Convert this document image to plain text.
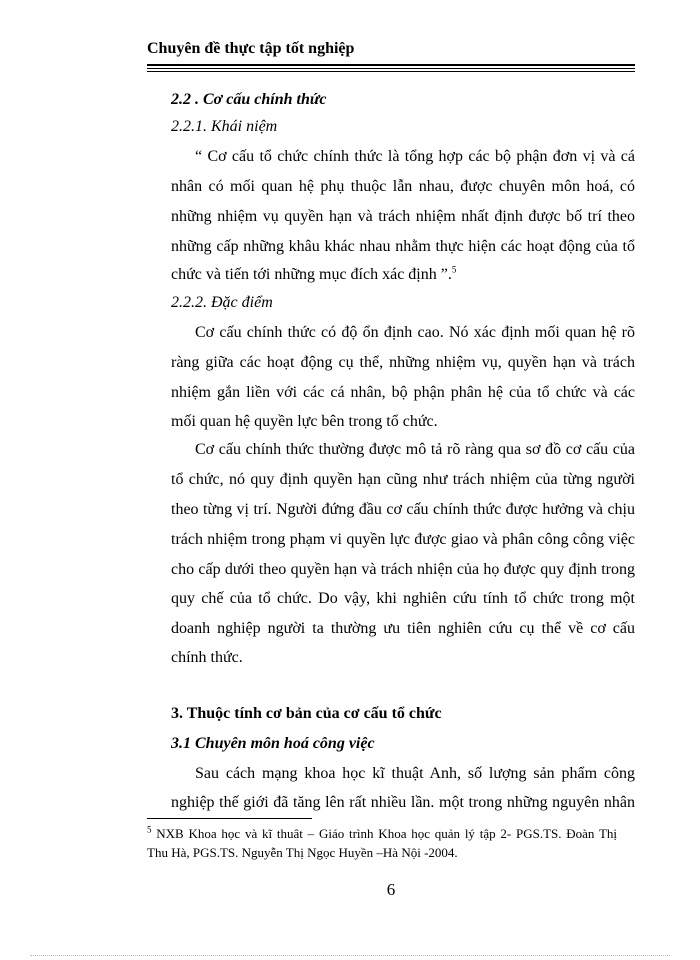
Chuyên đề thực tập tốt nghiệp
2.2 . Cơ cấu chính thức
2.2.1. Khái niệm
“ Cơ cấu tổ chức chính thức là tổng hợp các bộ phận đơn vị và cá
nhân có mối quan hệ phụ thuộc lẫn nhau, được chuyên môn hoá, có
những nhiệm vụ quyền hạn và trách nhiệm nhất định được bố trí theo
những cấp những khâu khác nhau nhằm thực hiện các hoạt động của tổ
chức và tiến tới những mục đích xác định ”.$^5$
2.2.2. Đặc điểm
Cơ cấu chính thức có độ ổn định cao. Nó xác định mối quan hệ rõ
ràng giữa các hoạt động cụ thể, những nhiệm vụ, quyền hạn và trách
nhiệm gắn liền với các cá nhân, bộ phận phân hệ của tổ chức và các
mối quan hệ quyền lực bên trong tổ chức.
Cơ cấu chính thức thường được mô tả rõ ràng qua sơ đồ cơ cấu của
tổ chức, nó quy định quyền hạn cũng như trách nhiệm của từng người
theo từng vị trí. Người đứng đầu cơ cấu chính thức được hưởng và chịu
trách nhiệm trong phạm vi quyền lực được giao và phân công công việc
cho cấp dưới theo quyền hạn và trách nhiện của họ được quy định trong
quy chế của tổ chức. Do vậy, khi nghiên cứu tính tổ chức trong một
doanh nghiệp người ta thường ưu tiên nghiên cứu cụ thể về cơ cấu
chính thức.
3. Thuộc tính cơ bản của cơ cấu tổ chức
3.1 Chuyên môn hoá công việc
Sau cách mạng khoa học kĩ thuật Anh, số lượng sản phẩm công
nghiệp thế giới đã tăng lên rất nhiều lần. một trong những nguyên nhân
$^5$ NXB Khoa học và kĩ thuât – Giáo trình Khoa học quản lý tập 2- PGS.TS. Đoàn Thị
Thu Hà, PGS.TS. Nguyễn Thị Ngọc Huyền –Hà Nội -2004.
6
